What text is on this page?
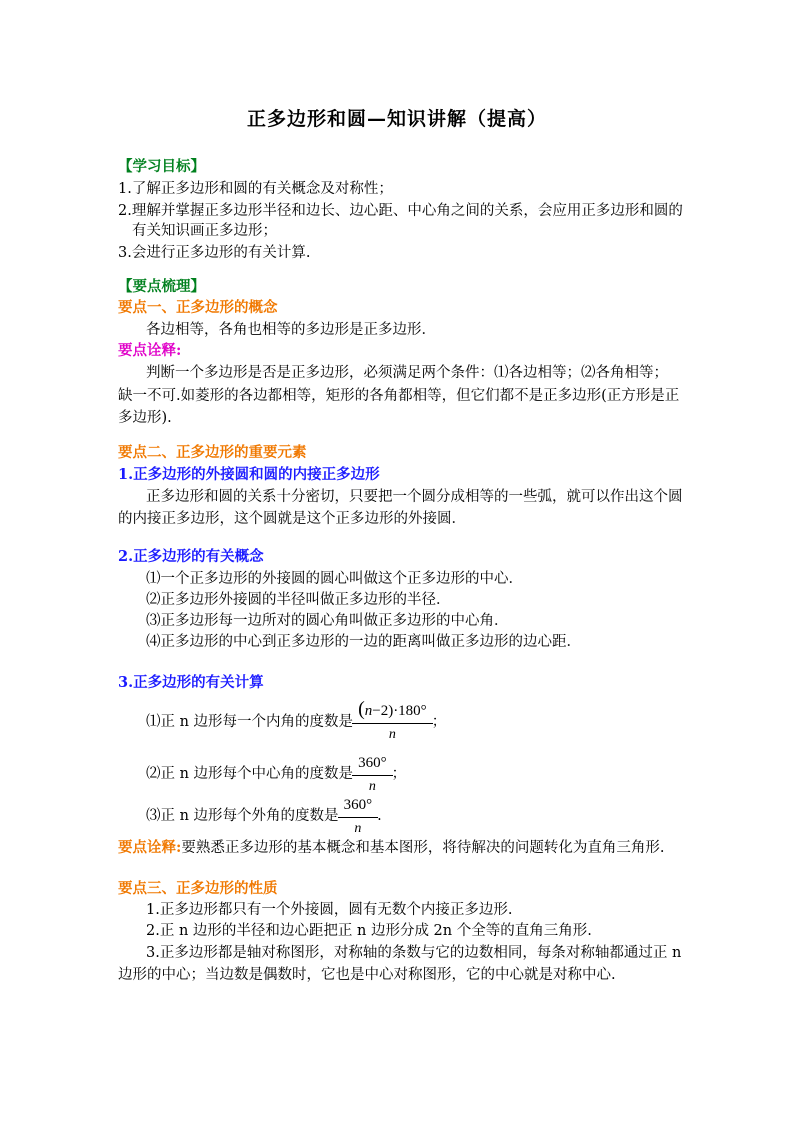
正多边形和圆—知识讲解（提高）
【学习目标】
1.了解正多边形和圆的有关概念及对称性；
2.理解并掌握正多边形半径和边长、边心距、中心角之间的关系，会应用正多边形和圆的
有关知识画正多边形；
3.会进行正多边形的有关计算.
【要点梳理】
要点一、正多边形的概念
各边相等，各角也相等的多边形是正多边形．
要点诠释:
判断一个多边形是否是正多边形，必须满足两个条件：⑴各边相等；⑵各角相等；
缺一不可.如菱形的各边都相等，矩形的各角都相等，但它们都不是正多边形(正方形是正
多边形).
要点二、正多边形的重要元素
1.正多边形的外接圆和圆的内接正多边形
正多边形和圆的关系十分密切，只要把一个圆分成相等的一些弧，就可以作出这个圆
的内接正多边形，这个圆就是这个正多边形的外接圆．
2.正多边形的有关概念
⑴一个正多边形的外接圆的圆心叫做这个正多边形的中心．
⑵正多边形外接圆的半径叫做正多边形的半径．
⑶正多边形每一边所对的圆心角叫做正多边形的中心角．
⑷正多边形的中心到正多边形的一边的距离叫做正多边形的边心距．
3.正多边形的有关计算
⑴正 n 边形每一个内角的度数是 $\frac{(n-2)\cdot 180^\circ}{n}$ ；
⑵正 n 边形每个中心角的度数是 $\frac{360^\circ}{n}$ ；
⑶正 n 边形每个外角的度数是 $\frac{360^\circ}{n}$ .
要点诠释:要熟悉正多边形的基本概念和基本图形，将待解决的问题转化为直角三角形.
要点三、正多边形的性质
1.正多边形都只有一个外接圆，圆有无数个内接正多边形.
2.正 n 边形的半径和边心距把正 n 边形分成 2n 个全等的直角三角形.
3.正多边形都是轴对称图形，对称轴的条数与它的边数相同，每条对称轴都通过正 n
边形的中心；当边数是偶数时，它也是中心对称图形，它的中心就是对称中心.
